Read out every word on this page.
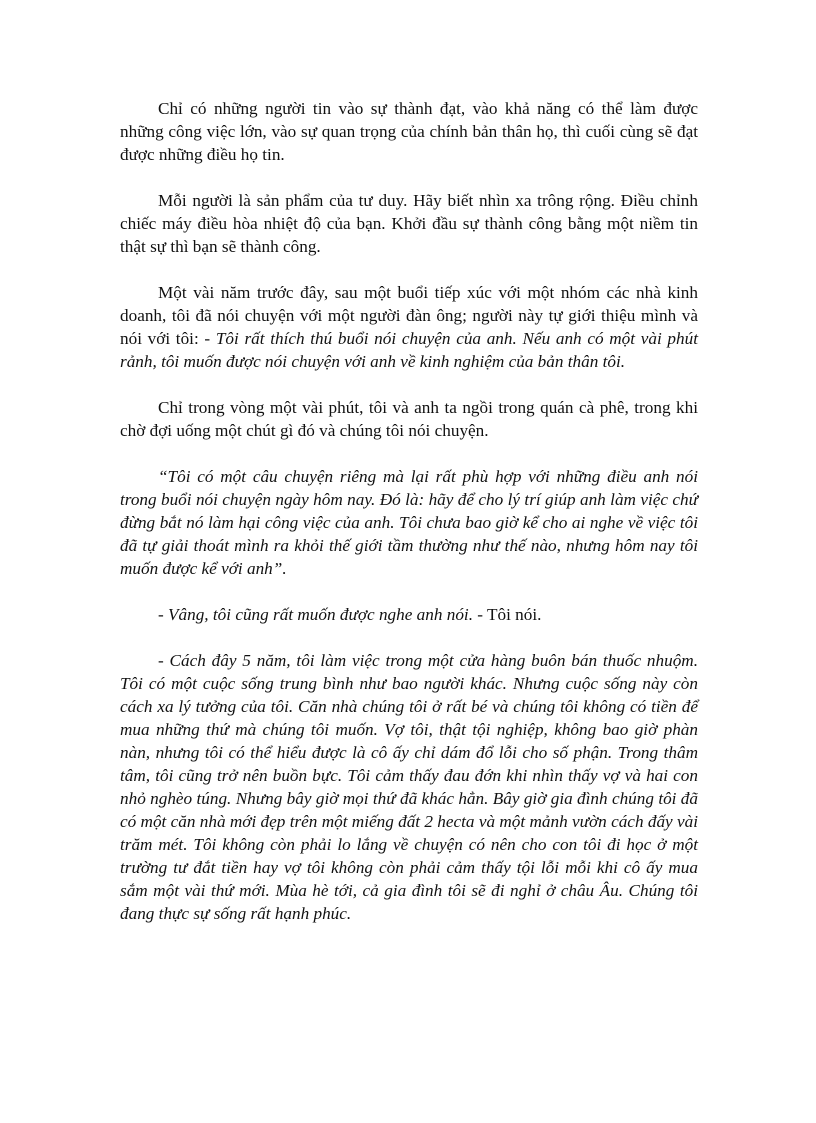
Chỉ có những người tin vào sự thành đạt, vào khả năng có thể làm được những công việc lớn, vào sự quan trọng của chính bản thân họ, thì cuối cùng sẽ đạt được những điều họ tin.

Mỗi người là sản phẩm của tư duy. Hãy biết nhìn xa trông rộng. Điều chỉnh chiếc máy điều hòa nhiệt độ của bạn. Khởi đầu sự thành công bằng một niềm tin thật sự thì bạn sẽ thành công.

Một vài năm trước đây, sau một buổi tiếp xúc với một nhóm các nhà kinh doanh, tôi đã nói chuyện với một người đàn ông; người này tự giới thiệu mình và nói với tôi: - Tôi rất thích thú buổi nói chuyện của anh. Nếu anh có một vài phút rảnh, tôi muốn được nói chuyện với anh về kinh nghiệm của bản thân tôi.

Chỉ trong vòng một vài phút, tôi và anh ta ngồi trong quán cà phê, trong khi chờ đợi uống một chút gì đó và chúng tôi nói chuyện.

“Tôi có một câu chuyện riêng mà lại rất phù hợp với những điều anh nói trong buổi nói chuyện ngày hôm nay. Đó là: hãy để cho lý trí giúp anh làm việc chứ đừng bắt nó làm hại công việc của anh. Tôi chưa bao giờ kể cho ai nghe về việc tôi đã tự giải thoát mình ra khỏi thế giới tầm thường như thế nào, nhưng hôm nay tôi muốn được kể với anh”.

- Vâng, tôi cũng rất muốn được nghe anh nói. - Tôi nói.

- Cách đây 5 năm, tôi làm việc trong một cửa hàng buôn bán thuốc nhuộm. Tôi có một cuộc sống trung bình như bao người khác. Nhưng cuộc sống này còn cách xa lý tưởng của tôi. Căn nhà chúng tôi ở rất bé và chúng tôi không có tiền để mua những thứ mà chúng tôi muốn. Vợ tôi, thật tội nghiệp, không bao giờ phàn nàn, nhưng tôi có thể hiểu được là cô ấy chỉ dám đổ lỗi cho số phận. Trong thâm tâm, tôi cũng trở nên buồn bực. Tôi cảm thấy đau đớn khi nhìn thấy vợ và hai con nhỏ nghèo túng. Nhưng bây giờ mọi thứ đã khác hẳn. Bây giờ gia đình chúng tôi đã có một căn nhà mới đẹp trên một miếng đất 2 hecta và một mảnh vườn cách đấy vài trăm mét. Tôi không còn phải lo lắng về chuyện có nên cho con tôi đi học ở một trường tư đắt tiền hay vợ tôi không còn phải cảm thấy tội lỗi mỗi khi cô ấy mua sắm một vài thứ mới. Mùa hè tới, cả gia đình tôi sẽ đi nghỉ ở châu Âu. Chúng tôi đang thực sự sống rất hạnh phúc.
